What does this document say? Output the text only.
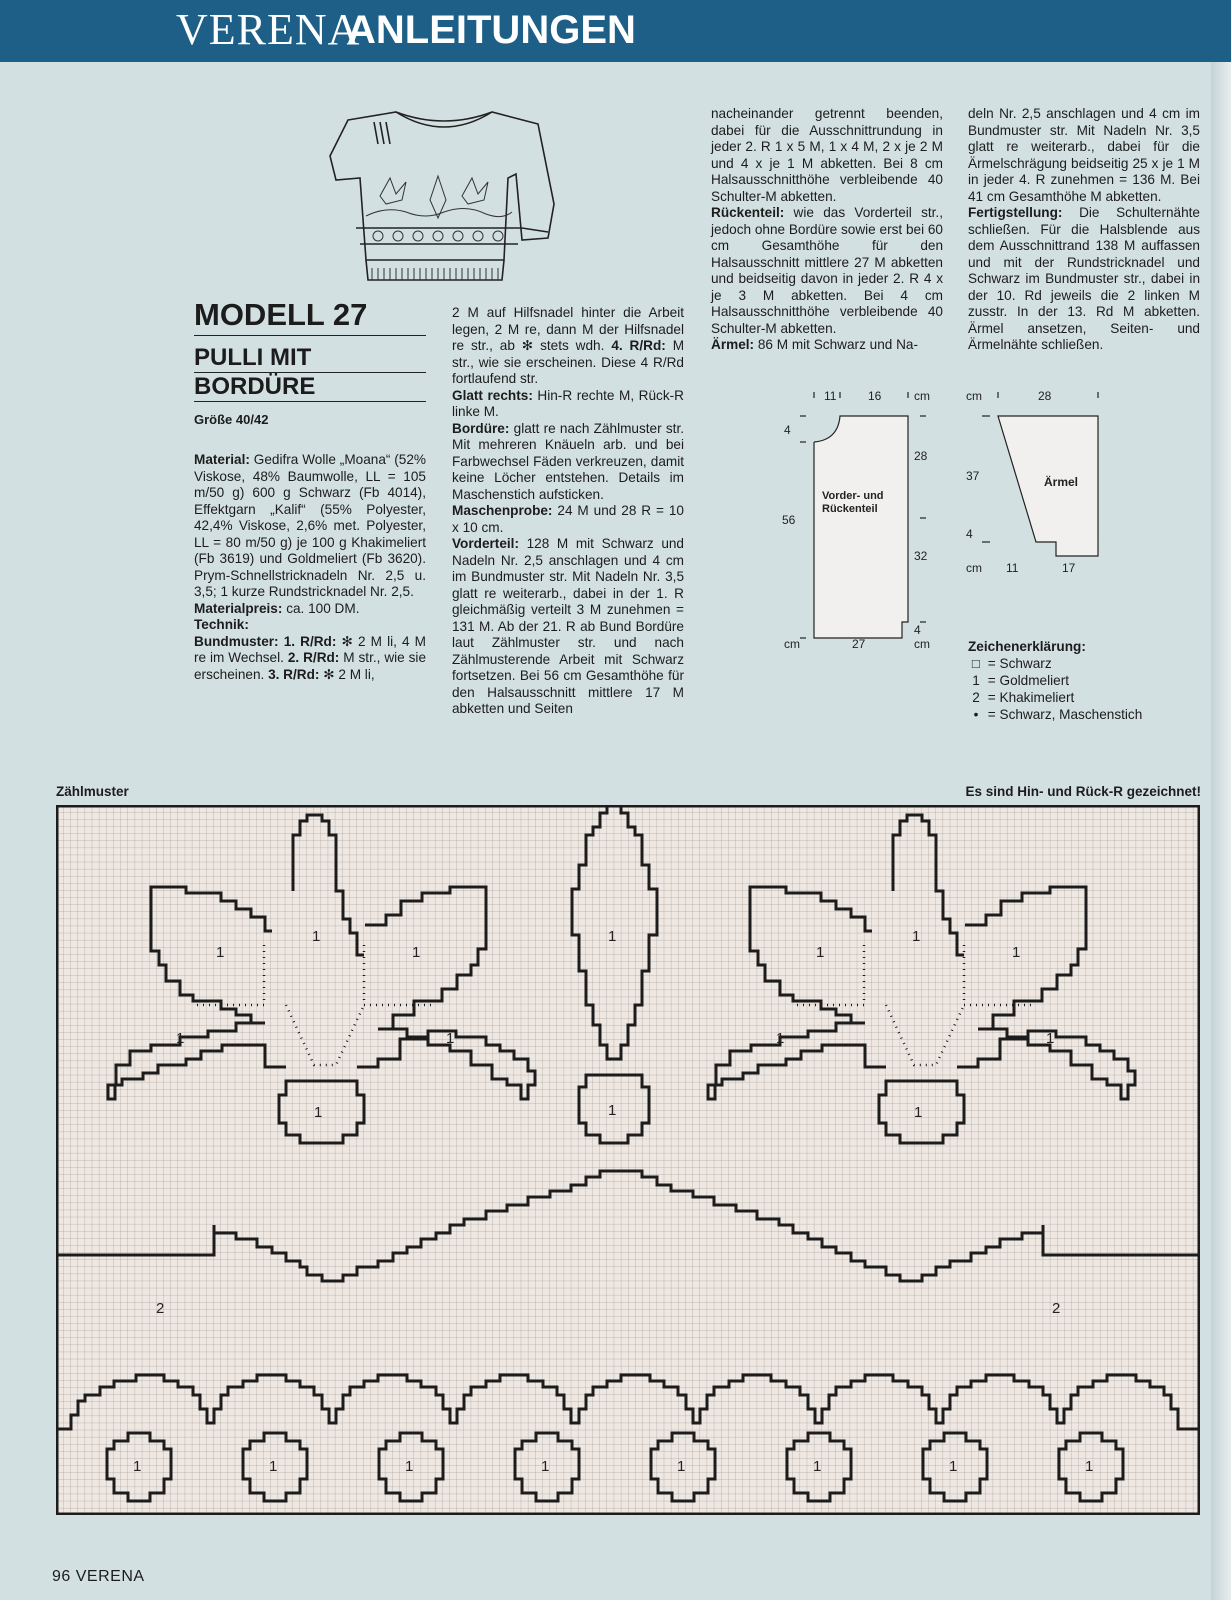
VERENA
ANLEITUNGEN
MODELL 27
PULLI MIT
BORDÜRE
Größe 40/42
Material: Gedifra Wolle „Moana“ (52% Viskose, 48% Baumwolle, LL = 105 m/50 g) 600 g Schwarz (Fb 4014), Effektgarn „Kalif“ (55% Polyester, 42,4% Viskose, 2,6% met. Polyester, LL = 80 m/50 g) je 100 g Khakimeliert (Fb 3619) und Goldmeliert (Fb 3620). Prym-Schnellstricknadeln Nr. 2,5 u. 3,5; 1 kurze Rundstricknadel Nr. 2,5.
Materialpreis: ca. 100 DM.
Technik:
Bundmuster: 1. R/Rd: ✻ 2 M li, 4 M re im Wechsel. 2. R/Rd: M str., wie sie erscheinen. 3. R/Rd: ✻ 2 M li,
2 M auf Hilfsnadel hinter die Arbeit legen, 2 M re, dann M der Hilfsnadel re str., ab ✻ stets wdh. 4. R/Rd: M str., wie sie erscheinen. Diese 4 R/Rd fortlaufend str.
Glatt rechts: Hin-R rechte M, Rück-R linke M.
Bordüre: glatt re nach Zählmuster str. Mit mehreren Knäueln arb. und bei Farbwechsel Fäden verkreuzen, damit keine Löcher entstehen. Details im Maschenstich aufsticken.
Maschenprobe: 24 M und 28 R = 10 x 10 cm.
Vorderteil: 128 M mit Schwarz und Nadeln Nr. 2,5 anschlagen und 4 cm im Bundmuster str. Mit Nadeln Nr. 3,5 glatt re weiterarb., dabei in der 1. R gleichmäßig verteilt 3 M zunehmen = 131 M. Ab der 21. R ab Bund Bordüre laut Zählmuster str. und nach Zählmusterende Arbeit mit Schwarz fortsetzen. Bei 56 cm Gesamthöhe für den Halsausschnitt mittlere 17 M abketten und Seiten
nacheinander getrennt beenden, dabei für die Ausschnittrundung in jeder 2. R 1 x 5 M, 1 x 4 M, 2 x je 2 M und 4 x je 1 M abketten. Bei 8 cm Halsausschnitthöhe verbleibende 40 Schulter-M abketten.
Rückenteil: wie das Vorderteil str., jedoch ohne Bordüre sowie erst bei 60 cm Gesamthöhe für den Halsausschnitt mittlere 27 M abketten und beidseitig davon in jeder 2. R 4 x je 3 M abketten. Bei 4 cm Halsausschnitthöhe verbleibende 40 Schulter-M abketten.
Ärmel: 86 M mit Schwarz und Na-
deln Nr. 2,5 anschlagen und 4 cm im Bundmuster str. Mit Nadeln Nr. 3,5 glatt re weiterarb., dabei für die Ärmelschrägung beidseitig 25 x je 1 M in jeder 4. R zunehmen = 136 M. Bei 41 cm Gesamthöhe M abketten.
Fertigstellung: Die Schulternähte schließen. Für die Halsblende aus dem Ausschnittrand 138 M auffassen und mit der Rundstricknadel und Schwarz im Bundmuster str., dabei in der 10. Rd jeweils die 2 linken M zusstr. In der 13. Rd M abketten. Ärmel ansetzen, Seiten- und Ärmelnähte schließen.
11	16	cm
4
28
32
56
4
cm	27	cm
Vorder- und Rückenteil
cm	28
37
4
cm 11	17
Ärmel
Zeichenerklärung:
□ = Schwarz
1 = Goldmeliert
2 = Khakimeliert
• = Schwarz, Maschenstich
Zählmuster	Es sind Hin- und Rück-R gezeichnet!
1
1
1
1	1
1
1
1
1
1
1
1	1
1
2	2
1	1	1	1	1	1	1	1
96 VERENA
